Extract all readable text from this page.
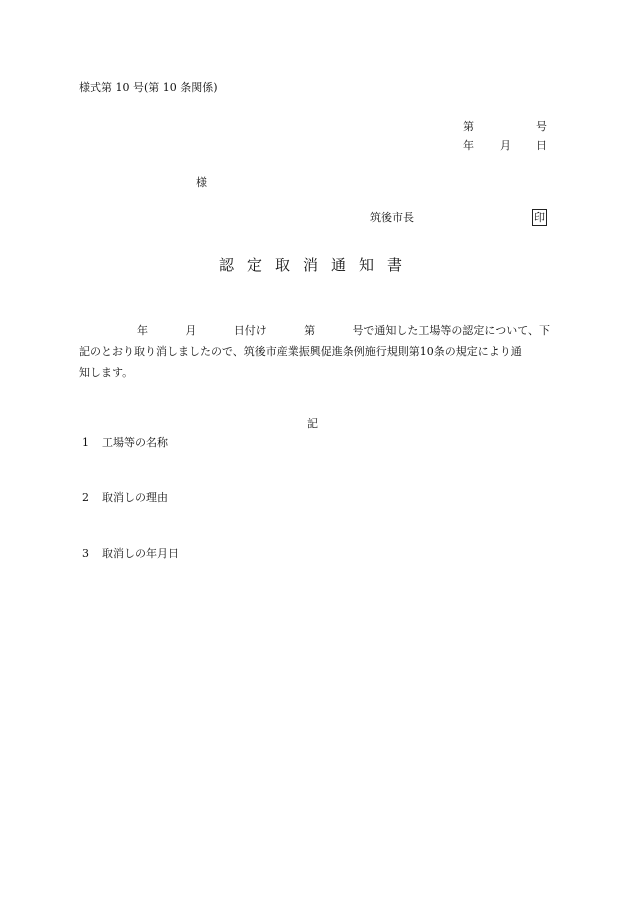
様式第 10 号(第 10 条関係)
第	号
年 月 日
様
筑後市長	印
認定取消通知書
年	月	日付け	第	号で通知した工場等の認定について、下
記のとおり取り消しましたので、筑後市産業振興促進条例施行規則第10条の規定により通
知します。
記
1 工場等の名称
2 取消しの理由
3 取消しの年月日
